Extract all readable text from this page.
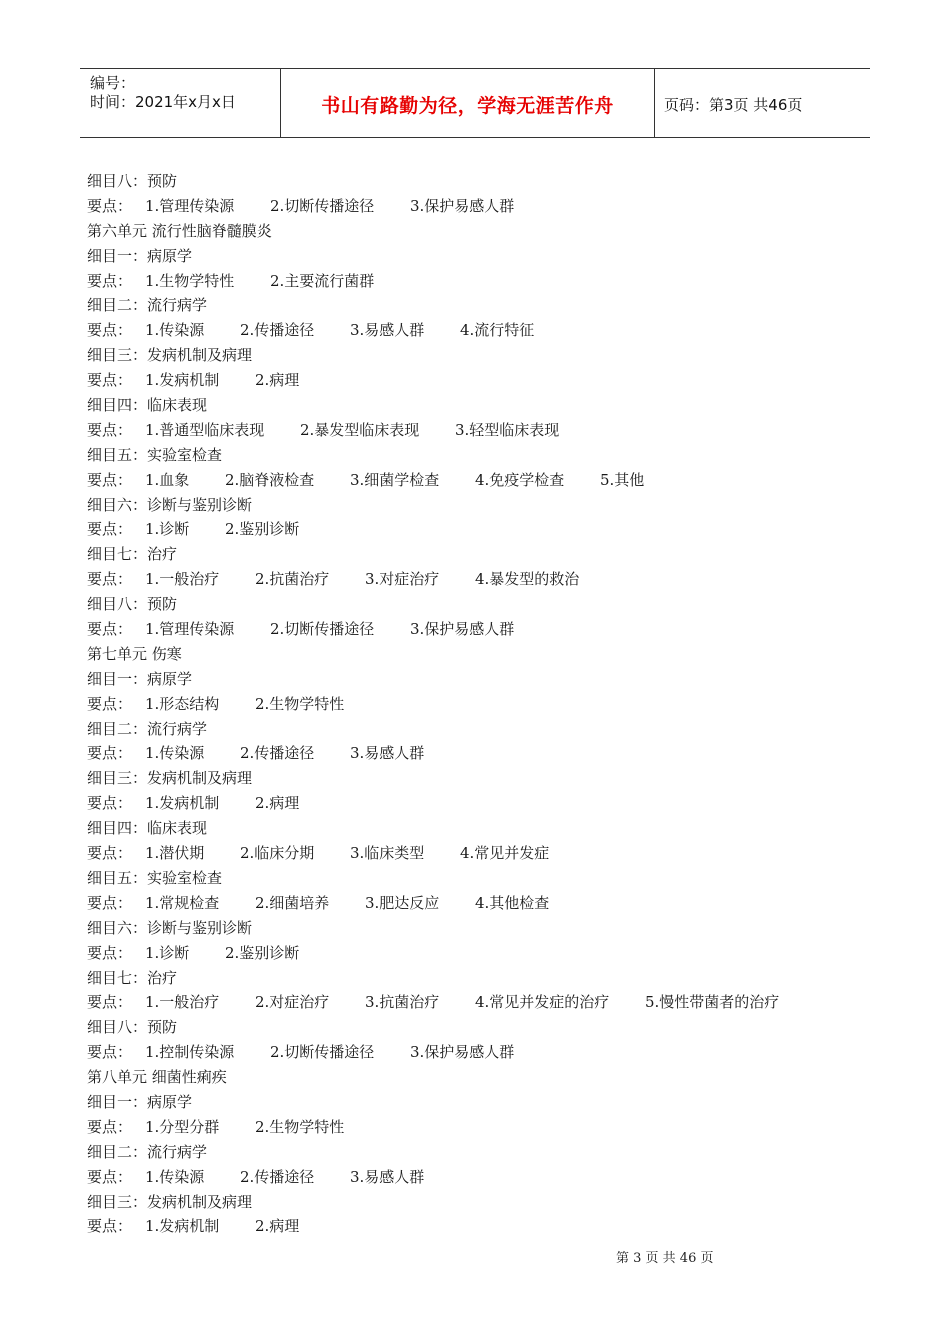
编号：
时间：2021年x月x日	书山有路勤为径，学海无涯苦作舟	页码：第3页 共46页
细目八：预防
要点： 1.管理传染源 2.切断传播途径 3.保护易感人群
第六单元 流行性脑脊髓膜炎
细目一：病原学
要点： 1.生物学特性 2.主要流行菌群
细目二：流行病学
要点： 1.传染源 2.传播途径 3.易感人群 4.流行特征
细目三：发病机制及病理
要点： 1.发病机制 2.病理
细目四：临床表现
要点： 1.普通型临床表现 2.暴发型临床表现 3.轻型临床表现
细目五：实验室检查
要点： 1.血象 2.脑脊液检查 3.细菌学检查 4.免疫学检查 5.其他
细目六：诊断与鉴别诊断
要点： 1.诊断 2.鉴别诊断
细目七：治疗
要点： 1.一般治疗 2.抗菌治疗 3.对症治疗 4.暴发型的救治
细目八：预防
要点： 1.管理传染源 2.切断传播途径 3.保护易感人群
第七单元 伤寒
细目一：病原学
要点： 1.形态结构 2.生物学特性
细目二：流行病学
要点： 1.传染源 2.传播途径 3.易感人群
细目三：发病机制及病理
要点： 1.发病机制 2.病理
细目四：临床表现
要点： 1.潜伏期 2.临床分期 3.临床类型 4.常见并发症
细目五：实验室检查
要点： 1.常规检查 2.细菌培养 3.肥达反应 4.其他检查
细目六：诊断与鉴别诊断
要点： 1.诊断 2.鉴别诊断
细目七：治疗
要点： 1.一般治疗 2.对症治疗 3.抗菌治疗 4.常见并发症的治疗 5.慢性带菌者的治疗
细目八：预防
要点： 1.控制传染源 2.切断传播途径 3.保护易感人群
第八单元 细菌性痢疾
细目一：病原学
要点： 1.分型分群 2.生物学特性
细目二：流行病学
要点： 1.传染源 2.传播途径 3.易感人群
细目三：发病机制及病理
要点： 1.发病机制 2.病理
第 3 页 共 46 页
